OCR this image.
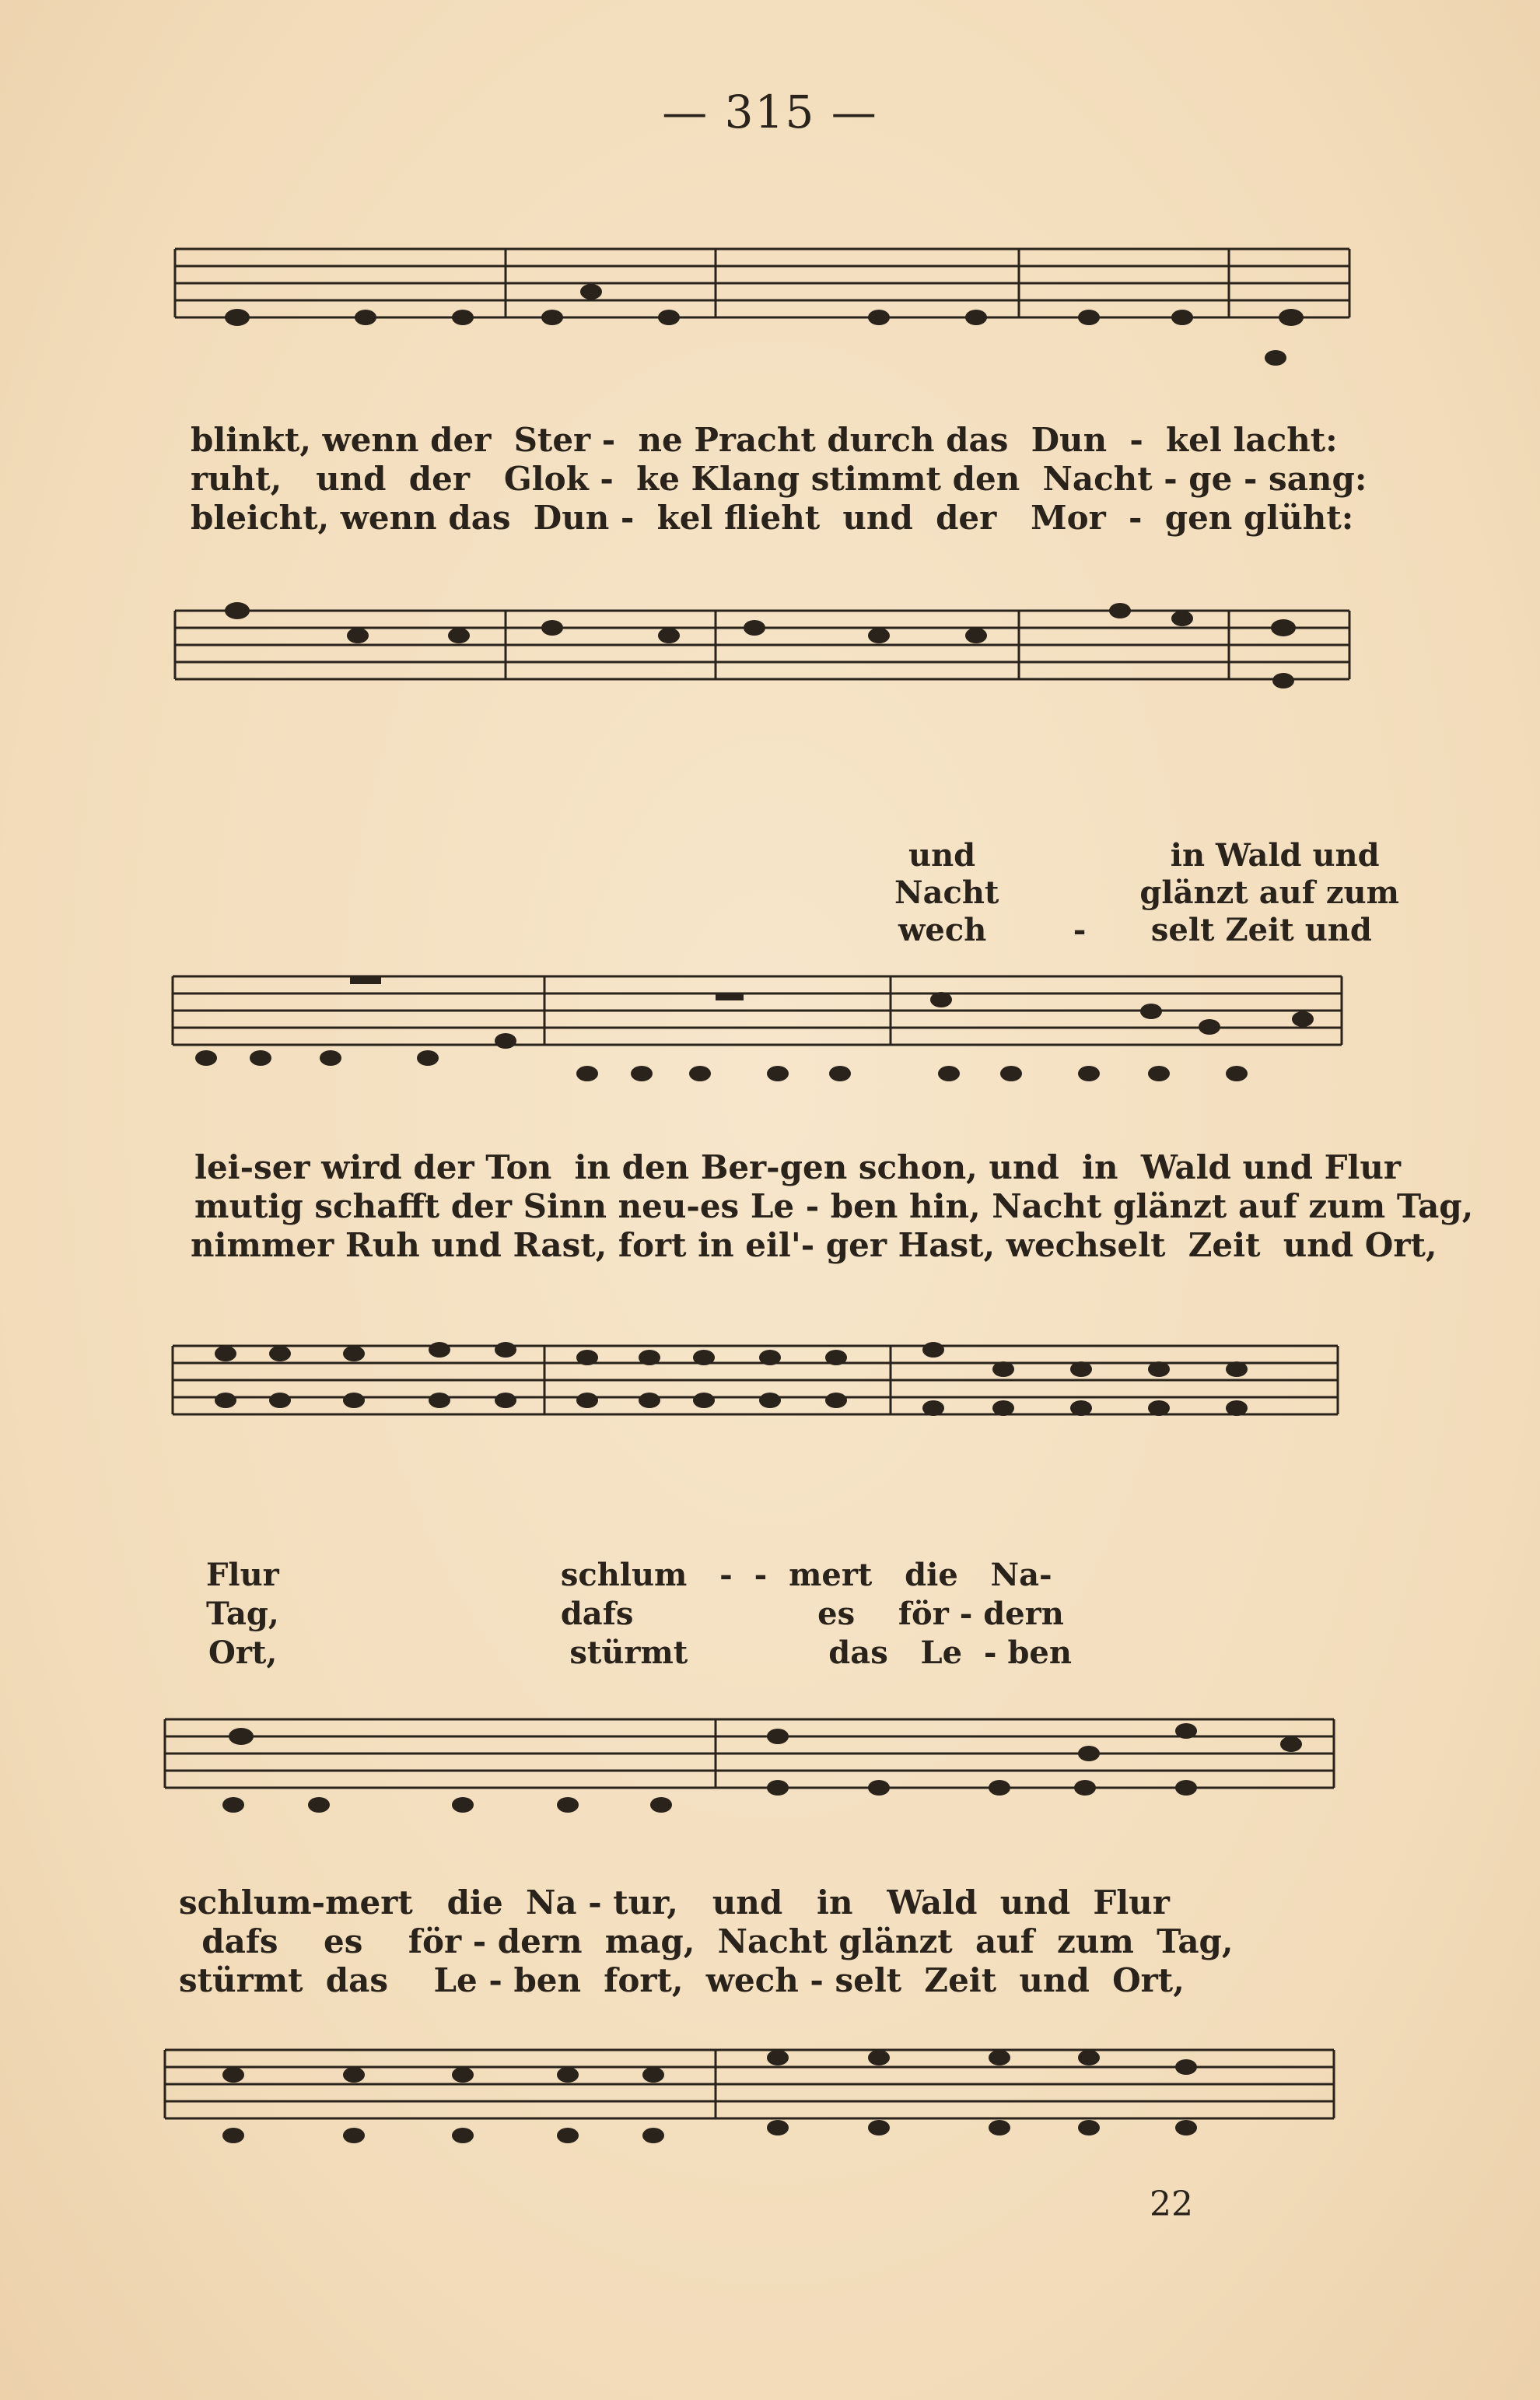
— 315 —
blinkt, wenn der  Ster -  ne Pracht durch das  Dun  -  kel lacht:
ruht,   und  der   Glok -  ke Klang stimmt den  Nacht - ge - sang:
bleicht, wenn das  Dun -  kel flieht  und  der   Mor  -  gen glüht:
und                  in Wald und
Nacht             glänzt auf zum
wech        -      selt Zeit und
lei-ser wird der Ton  in den Ber-gen schon, und  in  Wald und Flur
mutig schafft der Sinn neu-es Le - ben hin, Nacht glänzt auf zum Tag,
nimmer Ruh und Rast, fort in eil'- ger Hast, wechselt  Zeit  und Ort,
Flur                          schlum   -  -  mert   die   Na-
Tag,                          dafs                 es    för - dern
Ort,                           stürmt             das   Le  - ben
schlum-mert   die  Na - tur,   und   in   Wald  und  Flur
dafs    es    för - dern  mag,  Nacht glänzt  auf  zum  Tag,
stürmt  das    Le - ben  fort,  wech - selt  Zeit  und  Ort,
22
